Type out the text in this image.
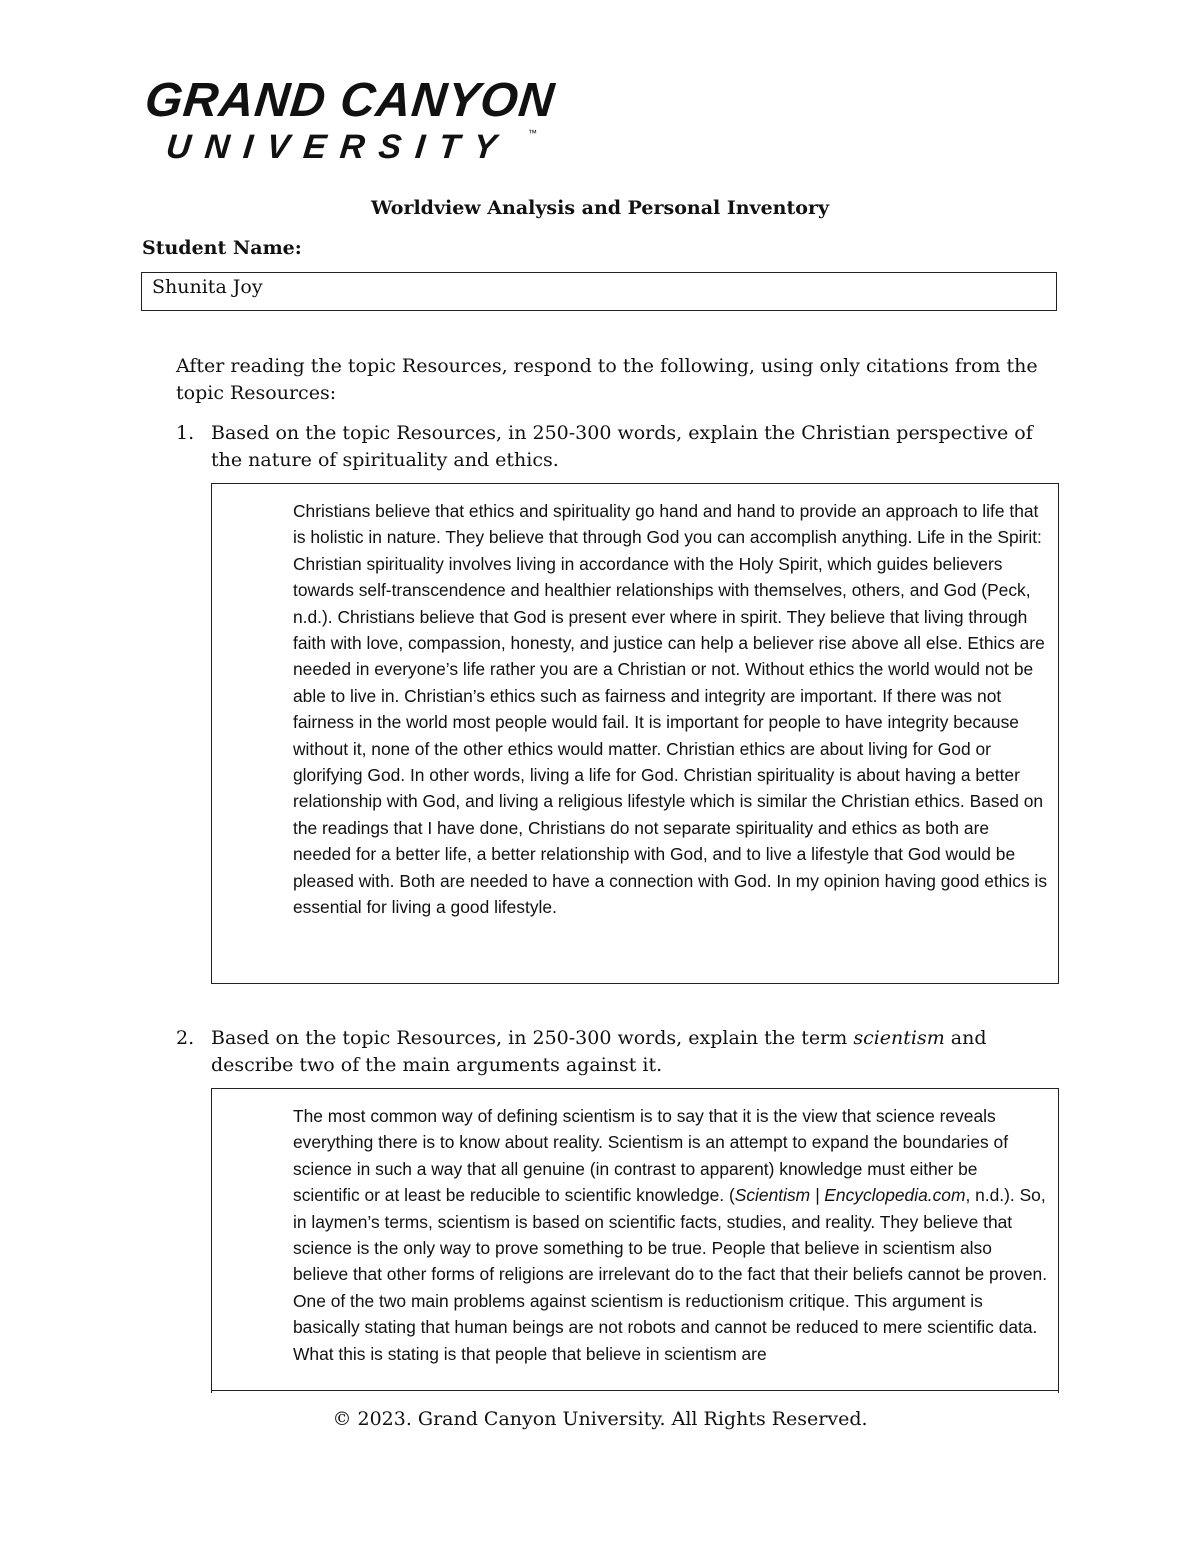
GRAND CANYON
UNIVERSITY ™
Worldview Analysis and Personal Inventory
Student Name:
Shunita Joy
After reading the topic Resources, respond to the following, using only citations from the topic Resources:
1. Based on the topic Resources, in 250-300 words, explain the Christian perspective of the nature of spirituality and ethics.
Christians believe that ethics and spirituality go hand and hand to provide an approach to life that is holistic in nature. They believe that through God you can accomplish anything. Life in the Spirit: Christian spirituality involves living in accordance with the Holy Spirit, which guides believers towards self-transcendence and healthier relationships with themselves, others, and God (Peck, n.d.). Christians believe that God is present ever where in spirit. They believe that living through faith with love, compassion, honesty, and justice can help a believer rise above all else. Ethics are needed in everyone’s life rather you are a Christian or not. Without ethics the world would not be able to live in. Christian’s ethics such as fairness and integrity are important. If there was not fairness in the world most people would fail. It is important for people to have integrity because without it, none of the other ethics would matter. Christian ethics are about living for God or glorifying God. In other words, living a life for God. Christian spirituality is about having a better relationship with God, and living a religious lifestyle which is similar the Christian ethics. Based on the readings that I have done, Christians do not separate spirituality and ethics as both are needed for a better life, a better relationship with God, and to live a lifestyle that God would be pleased with. Both are needed to have a connection with God. In my opinion having good ethics is essential for living a good lifestyle.
2. Based on the topic Resources, in 250-300 words, explain the term scientism and describe two of the main arguments against it.
The most common way of defining scientism is to say that it is the view that science reveals everything there is to know about reality. Scientism is an attempt to expand the boundaries of science in such a way that all genuine (in contrast to apparent) knowledge must either be scientific or at least be reducible to scientific knowledge. (Scientism | Encyclopedia.com, n.d.). So, in laymen’s terms, scientism is based on scientific facts, studies, and reality. They believe that science is the only way to prove something to be true. People that believe in scientism also believe that other forms of religions are irrelevant do to the fact that their beliefs cannot be proven. One of the two main problems against scientism is reductionism critique. This argument is basically stating that human beings are not robots and cannot be reduced to mere scientific data. What this is stating is that people that believe in scientism are
© 2023. Grand Canyon University. All Rights Reserved.
